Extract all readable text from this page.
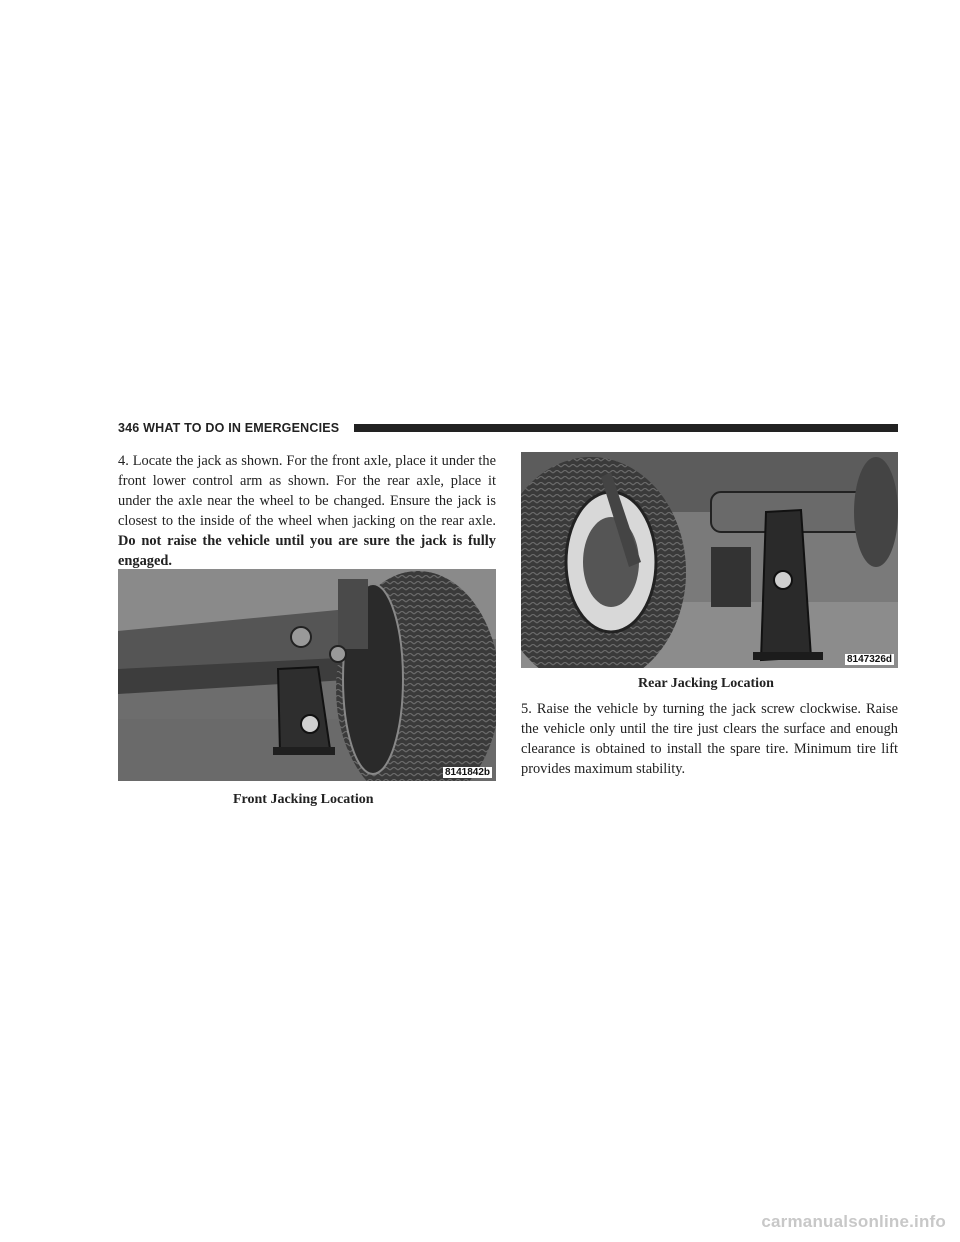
346 WHAT TO DO IN EMERGENCIES

4. Locate the jack as shown. For the front axle, place it under the front lower control arm as shown. For the rear axle, place it under the axle near the wheel to be changed. Ensure the jack is closest to the inside of the wheel when jacking on the rear axle. Do not raise the vehicle until you are sure the jack is fully engaged.

8141842b
Front Jacking Location
8147326d
Rear Jacking Location

5. Raise the vehicle by turning the jack screw clockwise. Raise the vehicle only until the tire just clears the surface and enough clearance is obtained to install the spare tire. Minimum tire lift provides maximum stability.

carmanualsonline.info
